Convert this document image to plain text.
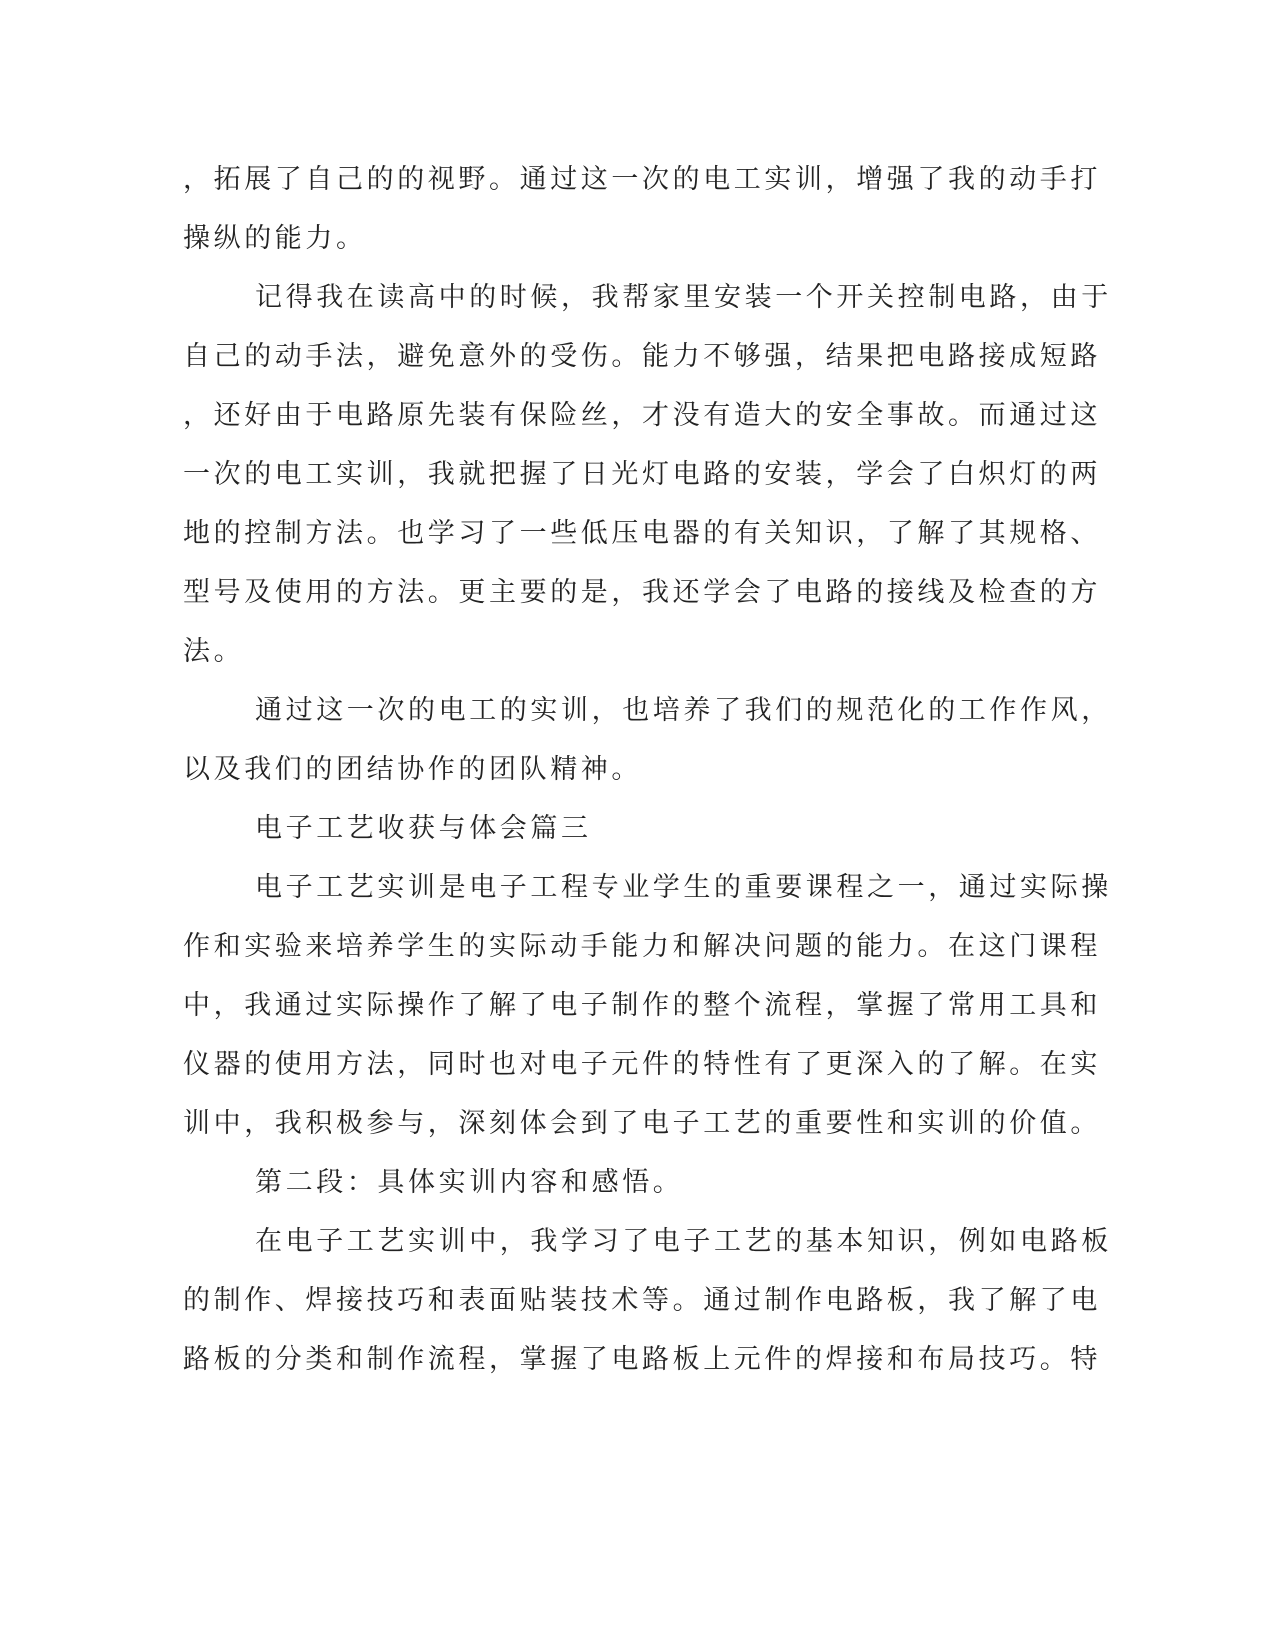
，拓展了自己的的视野。通过这一次的电工实训，增强了我的动手打
操纵的能力。
记得我在读高中的时候，我帮家里安装一个开关控制电路，由于
自己的动手法，避免意外的受伤。能力不够强，结果把电路接成短路
，还好由于电路原先装有保险丝，才没有造大的安全事故。而通过这
一次的电工实训，我就把握了日光灯电路的安装，学会了白炽灯的两
地的控制方法。也学习了一些低压电器的有关知识，了解了其规格、
型号及使用的方法。更主要的是，我还学会了电路的接线及检查的方
法。
通过这一次的电工的实训，也培养了我们的规范化的工作作风，
以及我们的团结协作的团队精神。
电子工艺收获与体会篇三
电子工艺实训是电子工程专业学生的重要课程之一，通过实际操
作和实验来培养学生的实际动手能力和解决问题的能力。在这门课程
中，我通过实际操作了解了电子制作的整个流程，掌握了常用工具和
仪器的使用方法，同时也对电子元件的特性有了更深入的了解。在实
训中，我积极参与，深刻体会到了电子工艺的重要性和实训的价值。
第二段：具体实训内容和感悟。
在电子工艺实训中，我学习了电子工艺的基本知识，例如电路板
的制作、焊接技巧和表面贴装技术等。通过制作电路板，我了解了电
路板的分类和制作流程，掌握了电路板上元件的焊接和布局技巧。特
